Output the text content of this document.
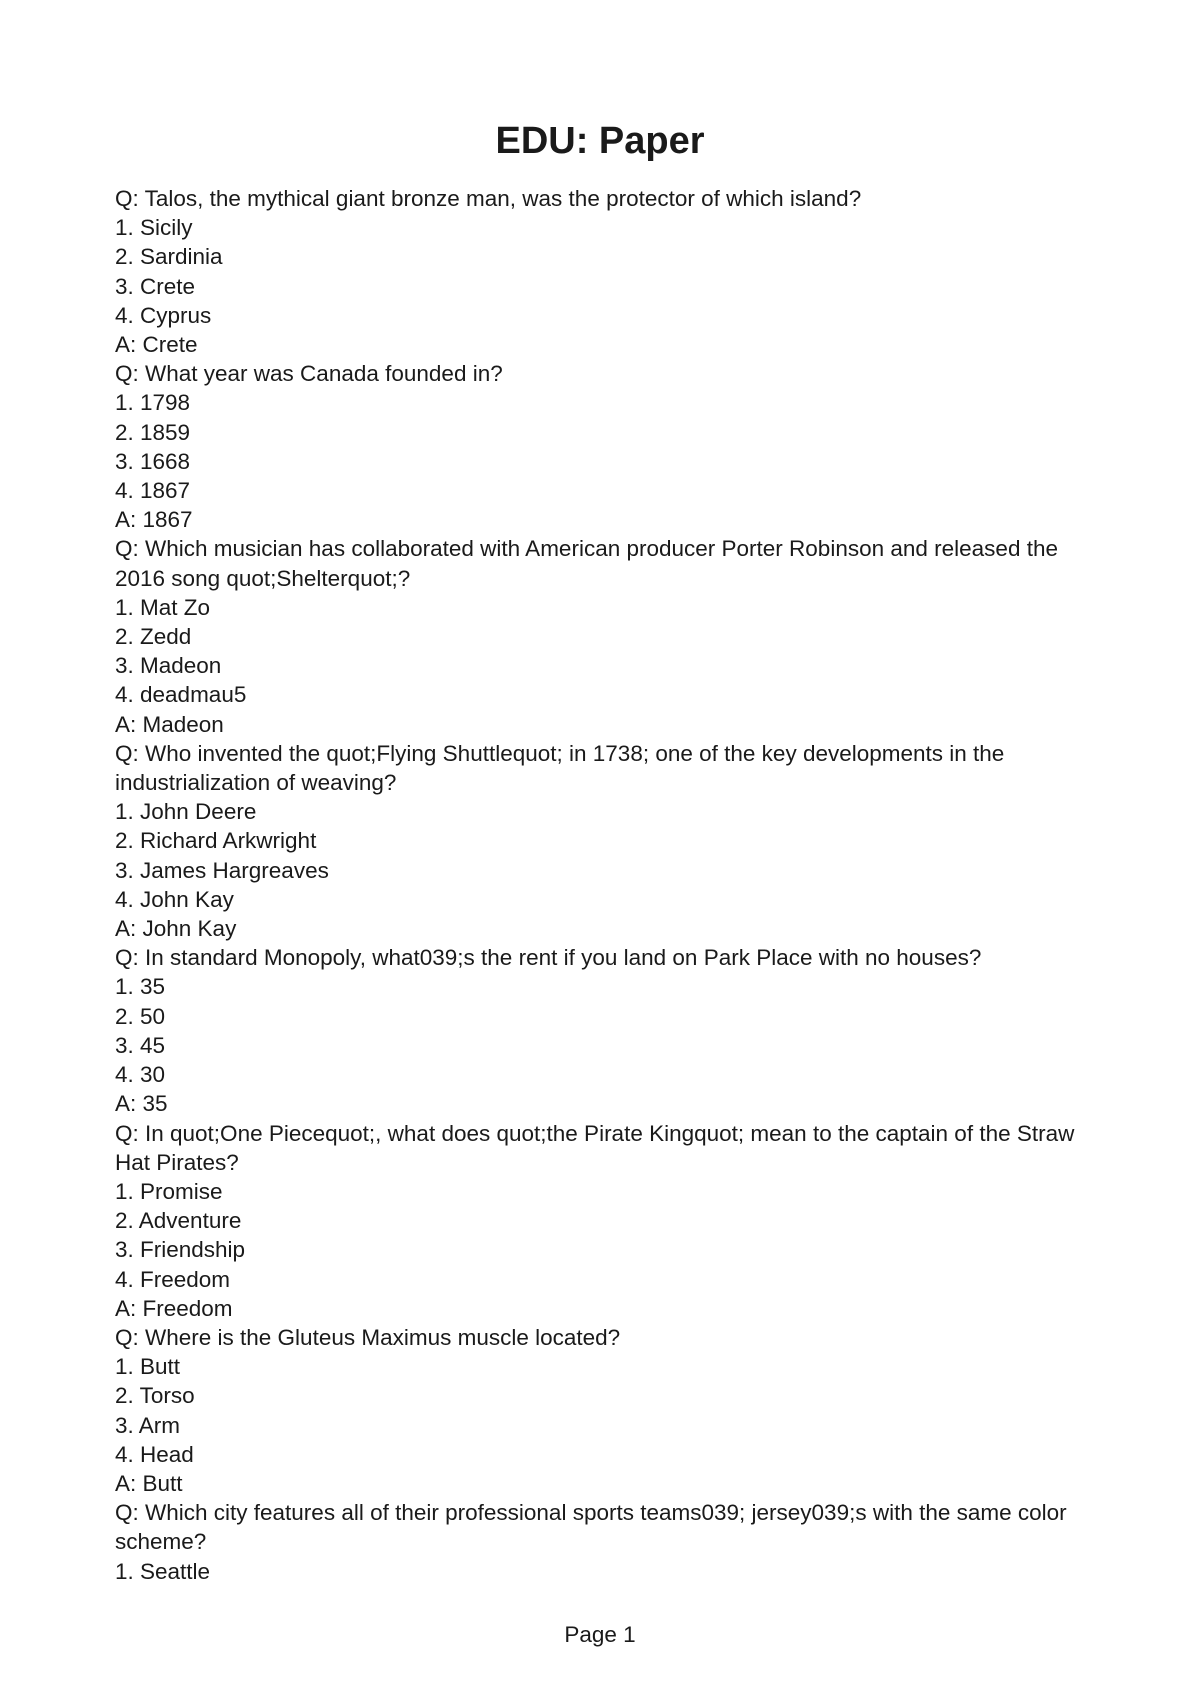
EDU: Paper
Q: Talos, the mythical giant bronze man, was the protector of which island?
1. Sicily
2. Sardinia
3. Crete
4. Cyprus
A: Crete
Q: What year was Canada founded in?
1. 1798
2. 1859
3. 1668
4. 1867
A: 1867
Q: Which musician has collaborated with American producer Porter Robinson and released the 2016 song quot;Shelterquot;?
1. Mat Zo
2. Zedd
3. Madeon
4. deadmau5
A: Madeon
Q: Who invented the quot;Flying Shuttlequot; in 1738; one of the key developments in the industrialization of weaving?
1. John Deere
2. Richard Arkwright
3. James Hargreaves
4. John Kay
A: John Kay
Q: In standard Monopoly, what039;s the rent if you land on Park Place with no houses?
1. 35
2. 50
3. 45
4. 30
A: 35
Q: In quot;One Piecequot;, what does quot;the Pirate Kingquot; mean to the captain of the Straw Hat Pirates?
1. Promise
2. Adventure
3. Friendship
4. Freedom
A: Freedom
Q: Where is the Gluteus Maximus muscle located?
1. Butt
2. Torso
3. Arm
4. Head
A: Butt
Q: Which city features all of their professional sports teams039; jersey039;s with the same color scheme?
1. Seattle
Page 1
